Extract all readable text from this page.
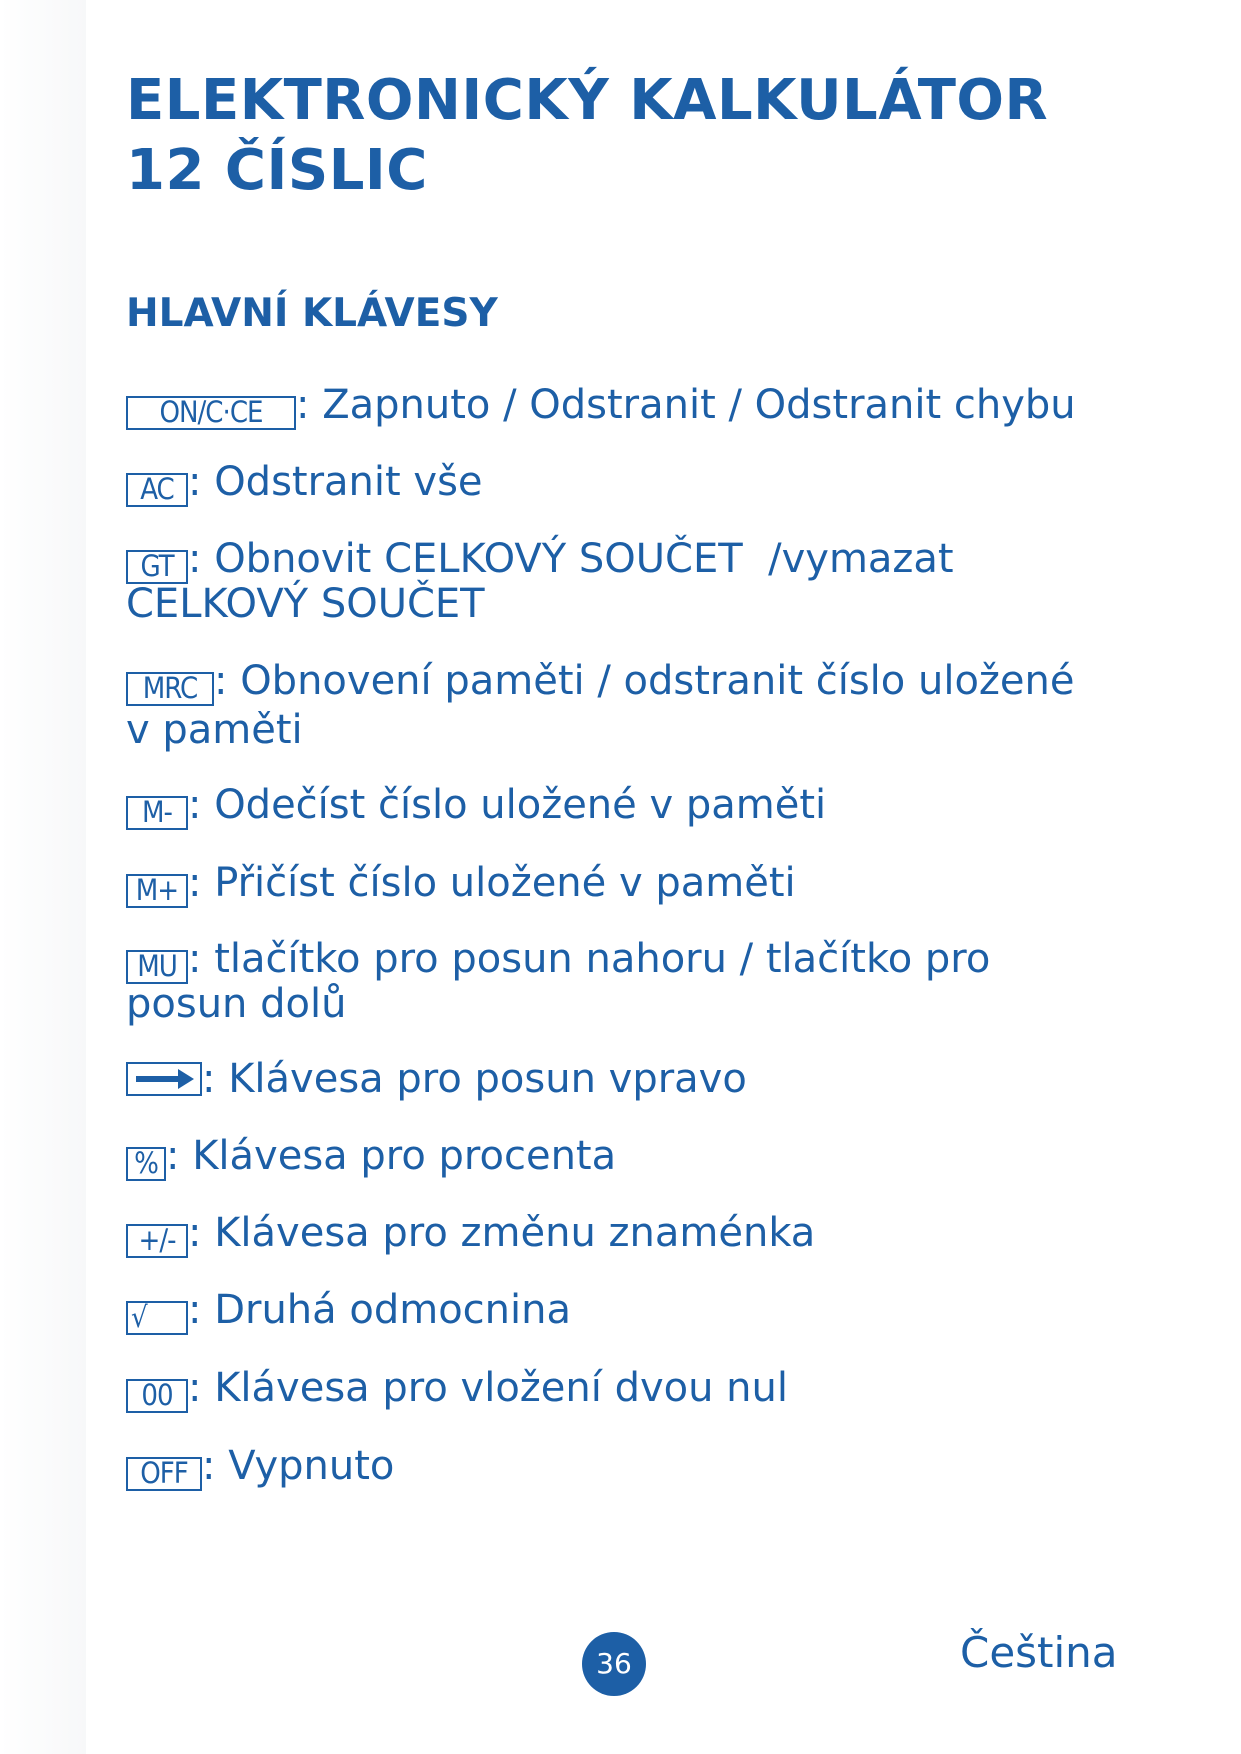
ELEKTRONICKÝ KALKULÁTOR
12 ČÍSLIC
HLAVNÍ KLÁVESY
ON/C·CE : Zapnuto / Odstranit / Odstranit chybu
AC : Odstranit vše
GT : Obnovit CELKOVÝ SOUČET  /vymazat
CELKOVÝ SOUČET
MRC : Obnovení paměti / odstranit číslo uložené
v paměti
M- : Odečíst číslo uložené v paměti
M+ : Přičíst číslo uložené v paměti
MU : tlačítko pro posun nahoru / tlačítko pro
posun dolů
: Klávesa pro posun vpravo
% : Klávesa pro procenta
+/- : Klávesa pro změnu znaménka
√ : Druhá odmocnina
00 : Klávesa pro vložení dvou nul
OFF : Vypnuto
36	Čeština
